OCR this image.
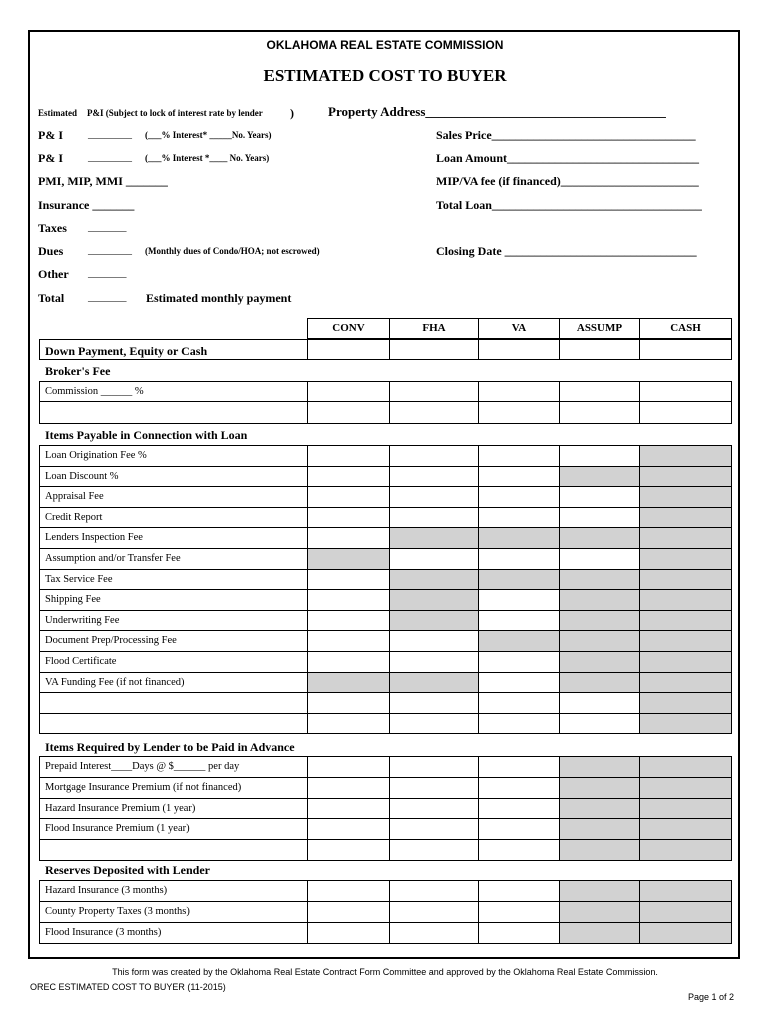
OKLAHOMA REAL ESTATE COMMISSION
ESTIMATED COST TO BUYER
Estimated P&I (Subject to lock of interest rate by lender )
P& I ________ (___% Interest* _____No. Years)
P& I ________ (___% Interest *____ No. Years)
PMI, MIP, MMI _______
Insurance _______
Taxes _______
Dues ________ (Monthly dues of Condo/HOA; not escrowed)
Other _______
Total _______ Estimated monthly payment
Property Address_____________________________________
Sales Price__________________________________
Loan Amount________________________________
MIP/VA fee (if financed)_______________________
Total Loan___________________________________
Closing Date ________________________________
CONV	FHA	VA	ASSUMP	CASH
Down Payment, Equity or Cash
Broker's Fee
Commission ______ %
Items Payable in Connection with Loan
Loan Origination Fee %
Loan Discount %
Appraisal Fee
Credit Report
Lenders Inspection Fee
Assumption and/or Transfer Fee
Tax Service Fee
Shipping Fee
Underwriting Fee
Document Prep/Processing Fee
Flood Certificate
VA Funding Fee (if not financed)
Items Required by Lender to be Paid in Advance
Prepaid Interest____Days @ $______ per day
Mortgage Insurance Premium (if not financed)
Hazard Insurance Premium (1 year)
Flood Insurance Premium (1 year)
Reserves Deposited with Lender
Hazard Insurance (3 months)
County Property Taxes (3 months)
Flood Insurance (3 months)
This form was created by the Oklahoma Real Estate Contract Form Committee and approved by the Oklahoma Real Estate Commission.
OREC ESTIMATED COST TO BUYER (11-2015)
Page 1 of 2
